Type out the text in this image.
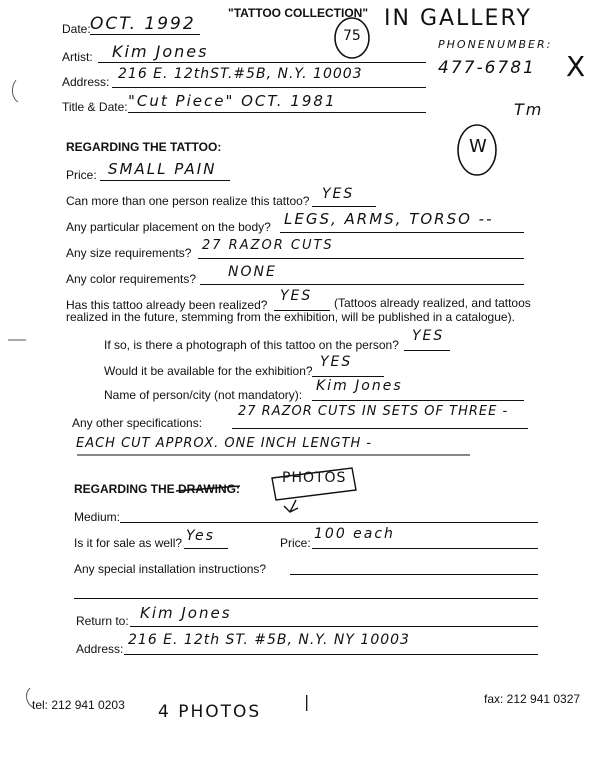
"TATTOO COLLECTION"
Date: OCT. 1992
Artist: Kim Jones
Address: 216 E. 12thST.#5B, N.Y. 10003
Title & Date: "Cut Piece" OCT. 1981
75
IN GALLERY
PHONENUMBER:
477-6781 X
Tm
W
REGARDING THE TATTOO:
Price: SMALL PAIN
Can more than one person realize this tattoo? YES
Any particular placement on the body? LEGS, ARMS, TORSO --
Any size requirements? 27 RAZOR CUTS
Any color requirements? NONE
Has this tattoo already been realized?
YES (Tattoos already realized, and tattoos
realized in the future, stemming from the exhibition, will be published in a catalogue).
If so, is there a photograph of this tattoo on the person?
YES
Would it be available for the exhibition?
YES
Name of person/city (not mandatory):
Kim Jones
Any other specifications:
27 RAZOR CUTS IN SETS OF THREE -
EACH CUT APPROX. ONE INCH LENGTH -
REGARDING THE DRAWING:
PHOTOS
Medium:
Is it for sale as well? Yes	Price:
100 each
Any special installation instructions?
Return to: Kim Jones
Address:
216 E. 12th ST. #5B, N.Y. NY 10003
tel: 212 941 0203	fax: 212 941 0327
4 PHOTOS
|
